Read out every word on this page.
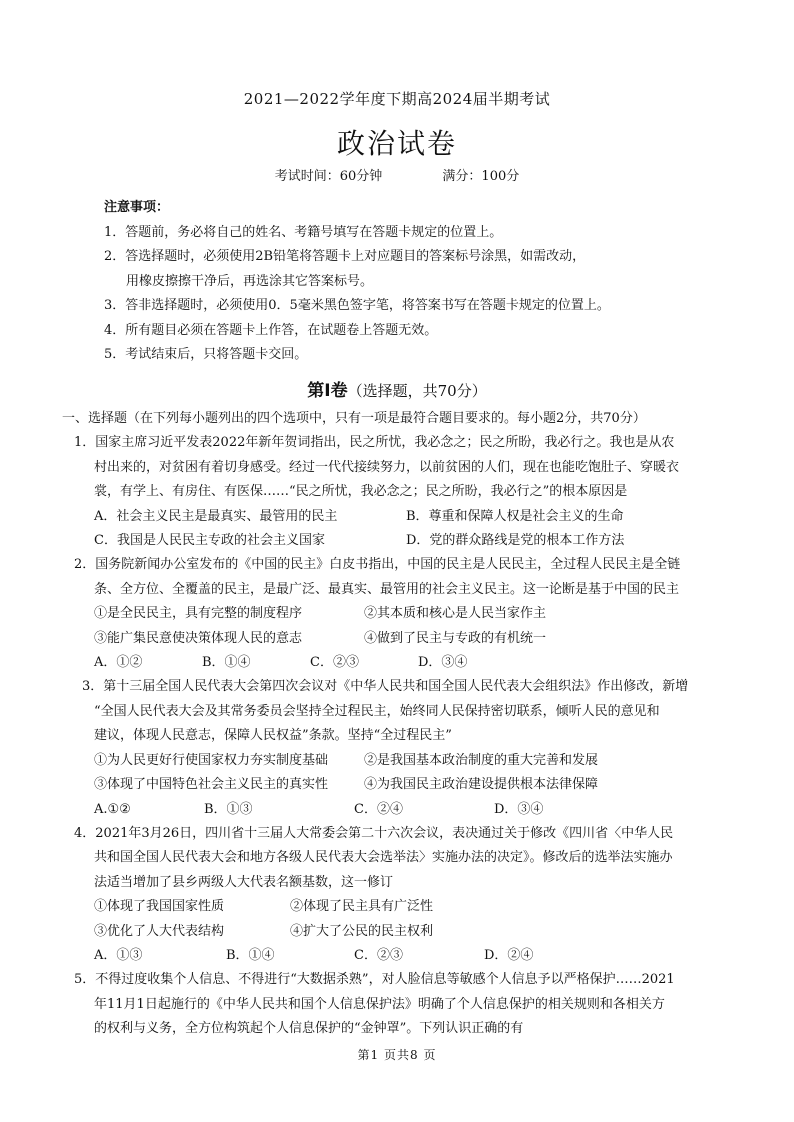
2021—2022学年度下期高2024届半期考试
政治试卷
考试时间：60分钟	满分：100分
注意事项：
1．答题前，务必将自己的姓名、考籍号填写在答题卡规定的位置上。
2．答选择题时，必须使用2B铅笔将答题卡上对应题目的答案标号涂黑，如需改动，
用橡皮擦擦干净后，再选涂其它答案标号。
3．答非选择题时，必须使用0．5毫米黑色签字笔，将答案书写在答题卡规定的位置上。
4．所有题目必须在答题卡上作答，在试题卷上答题无效。
5．考试结束后，只将答题卡交回。
第Ⅰ卷（选择题，共70分）
一、选择题（在下列每小题列出的四个选项中，只有一项是最符合题目要求的。每小题2分，共70分）
1．国家主席习近平发表2022年新年贺词指出，民之所忧，我必念之；民之所盼，我必行之。我也是从农
村出来的，对贫困有着切身感受。经过一代代接续努力，以前贫困的人们，现在也能吃饱肚子、穿暖衣
裳，有学上、有房住、有医保……“民之所忧，我必念之；民之所盼，我必行之”的根本原因是
A．社会主义民主是最真实、最管用的民主	B．尊重和保障人权是社会主义的生命
C．我国是人民民主专政的社会主义国家	D．党的群众路线是党的根本工作方法
2．国务院新闻办公室发布的《中国的民主》白皮书指出，中国的民主是人民民主，全过程人民民主是全链
条、全方位、全覆盖的民主，是最广泛、最真实、最管用的社会主义民主。这一论断是基于中国的民主
①是全民民主，具有完整的制度程序	②其本质和核心是人民当家作主
③能广集民意使决策体现人民的意志	④做到了民主与专政的有机统一
A．①②	B．①④	C．②③	D．③④
3．第十三届全国人民代表大会第四次会议对《中华人民共和国全国人民代表大会组织法》作出修改，新增
“全国人民代表大会及其常务委员会坚持全过程民主，始终同人民保持密切联系，倾听人民的意见和
建议，体现人民意志，保障人民权益”条款。坚持“全过程民主”
①为人民更好行使国家权力夯实制度基础	②是我国基本政治制度的重大完善和发展
③体现了中国特色社会主义民主的真实性	④为我国民主政治建设提供根本法律保障
A.①②	B．①③	C．②④	D．③④
4．2021年3月26日，四川省十三届人大常委会第二十六次会议，表决通过关于修改《四川省〈中华人民
共和国全国人民代表大会和地方各级人民代表大会选举法〉实施办法的决定》。修改后的选举法实施办
法适当增加了县乡两级人大代表名额基数，这一修订
①体现了我国国家性质	②体现了民主具有广泛性
③优化了人大代表结构	④扩大了公民的民主权利
A．①③	B．①④	C．②③	D．②④
5．不得过度收集个人信息、不得进行“大数据杀熟”，对人脸信息等敏感个人信息予以严格保护……2021
年11月1日起施行的《中华人民共和国个人信息保护法》明确了个人信息保护的相关规则和各相关方
的权利与义务，全方位构筑起个人信息保护的“金钟罩”。下列认识正确的有
第1 页共8 页
